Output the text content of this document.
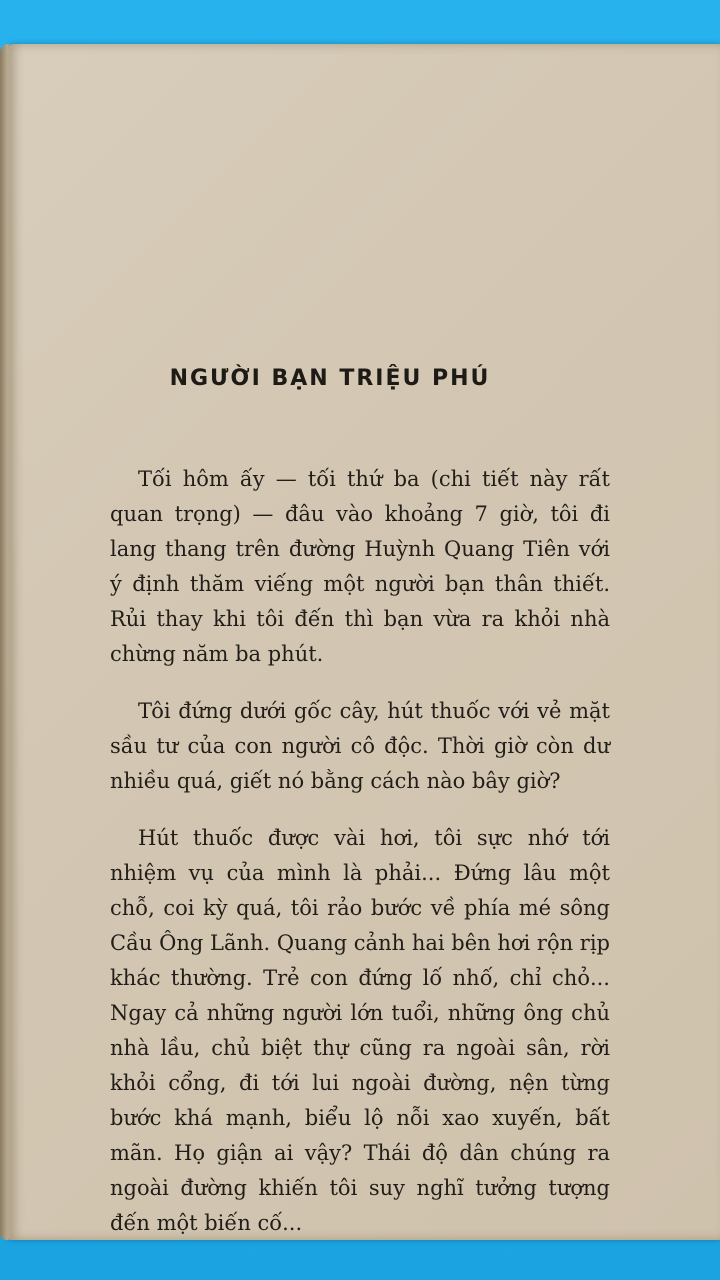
NGƯỜI BẠN TRIỆU PHÚ

Tối hôm ấy — tối thứ ba (chi tiết này rất quan trọng) — đâu vào khoảng 7 giờ, tôi đi lang thang trên đường Huỳnh Quang Tiên với ý định thăm viếng một người bạn thân thiết. Rủi thay khi tôi đến thì bạn vừa ra khỏi nhà chừng năm ba phút.

Tôi đứng dưới gốc cây, hút thuốc với vẻ mặt sầu tư của con người cô độc. Thời giờ còn dư nhiều quá, giết nó bằng cách nào bây giờ?

Hút thuốc được vài hơi, tôi sực nhớ tới nhiệm vụ của mình là phải... Đứng lâu một chỗ, coi kỳ quá, tôi rảo bước về phía mé sông Cầu Ông Lãnh. Quang cảnh hai bên hơi rộn rịp khác thường. Trẻ con đứng lố nhố, chỉ chỏ... Ngay cả những người lớn tuổi, những ông chủ nhà lầu, chủ biệt thự cũng ra ngoài sân, rời khỏi cổng, đi tới lui ngoài đường, nện từng bước khá mạnh, biểu lộ nỗi xao xuyến, bất mãn. Họ giận ai vậy? Thái độ dân chúng ra ngoài đường khiến tôi suy nghĩ tưởng tượng đến một biến cố...
